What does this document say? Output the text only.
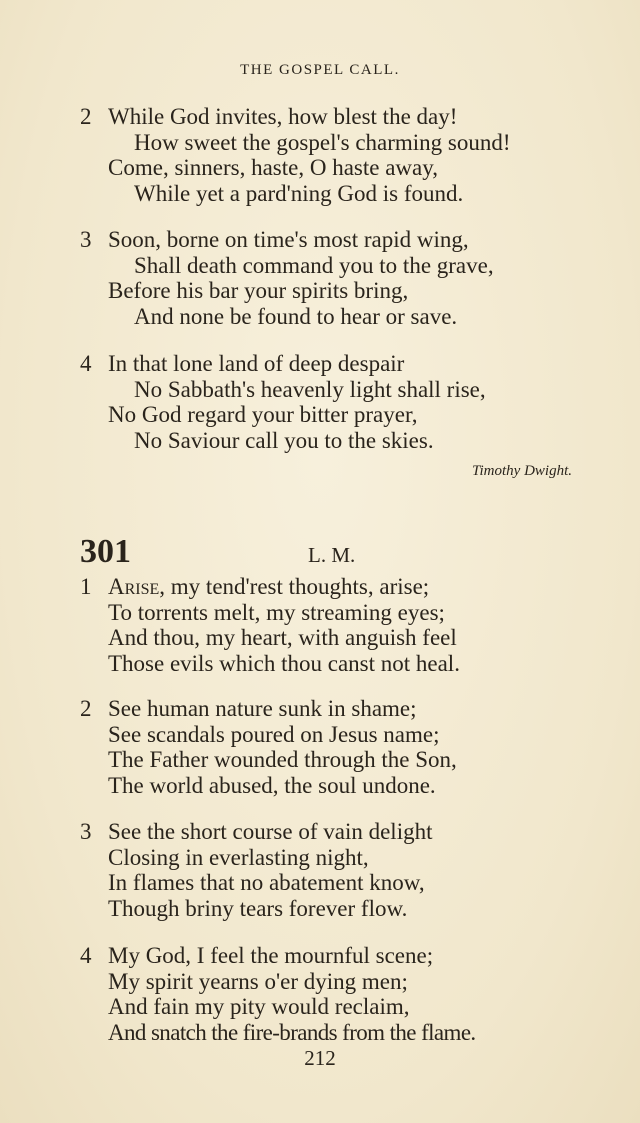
THE GOSPEL CALL.
2 While God invites, how blest the day!
How sweet the gospel's charming sound!
Come, sinners, haste, O haste away,
While yet a pard'ning God is found.
3 Soon, borne on time's most rapid wing,
Shall death command you to the grave,
Before his bar your spirits bring,
And none be found to hear or save.
4 In that lone land of deep despair
No Sabbath's heavenly light shall rise,
No God regard your bitter prayer,
No Saviour call you to the skies.
Timothy Dwight.
301	L. M.
1 Arise, my tend'rest thoughts, arise;
To torrents melt, my streaming eyes;
And thou, my heart, with anguish feel
Those evils which thou canst not heal.
2 See human nature sunk in shame;
See scandals poured on Jesus name;
The Father wounded through the Son,
The world abused, the soul undone.
3 See the short course of vain delight
Closing in everlasting night,
In flames that no abatement know,
Though briny tears forever flow.
4 My God, I feel the mournful scene;
My spirit yearns o'er dying men;
And fain my pity would reclaim,
And snatch the fire-brands from the flame.
212
